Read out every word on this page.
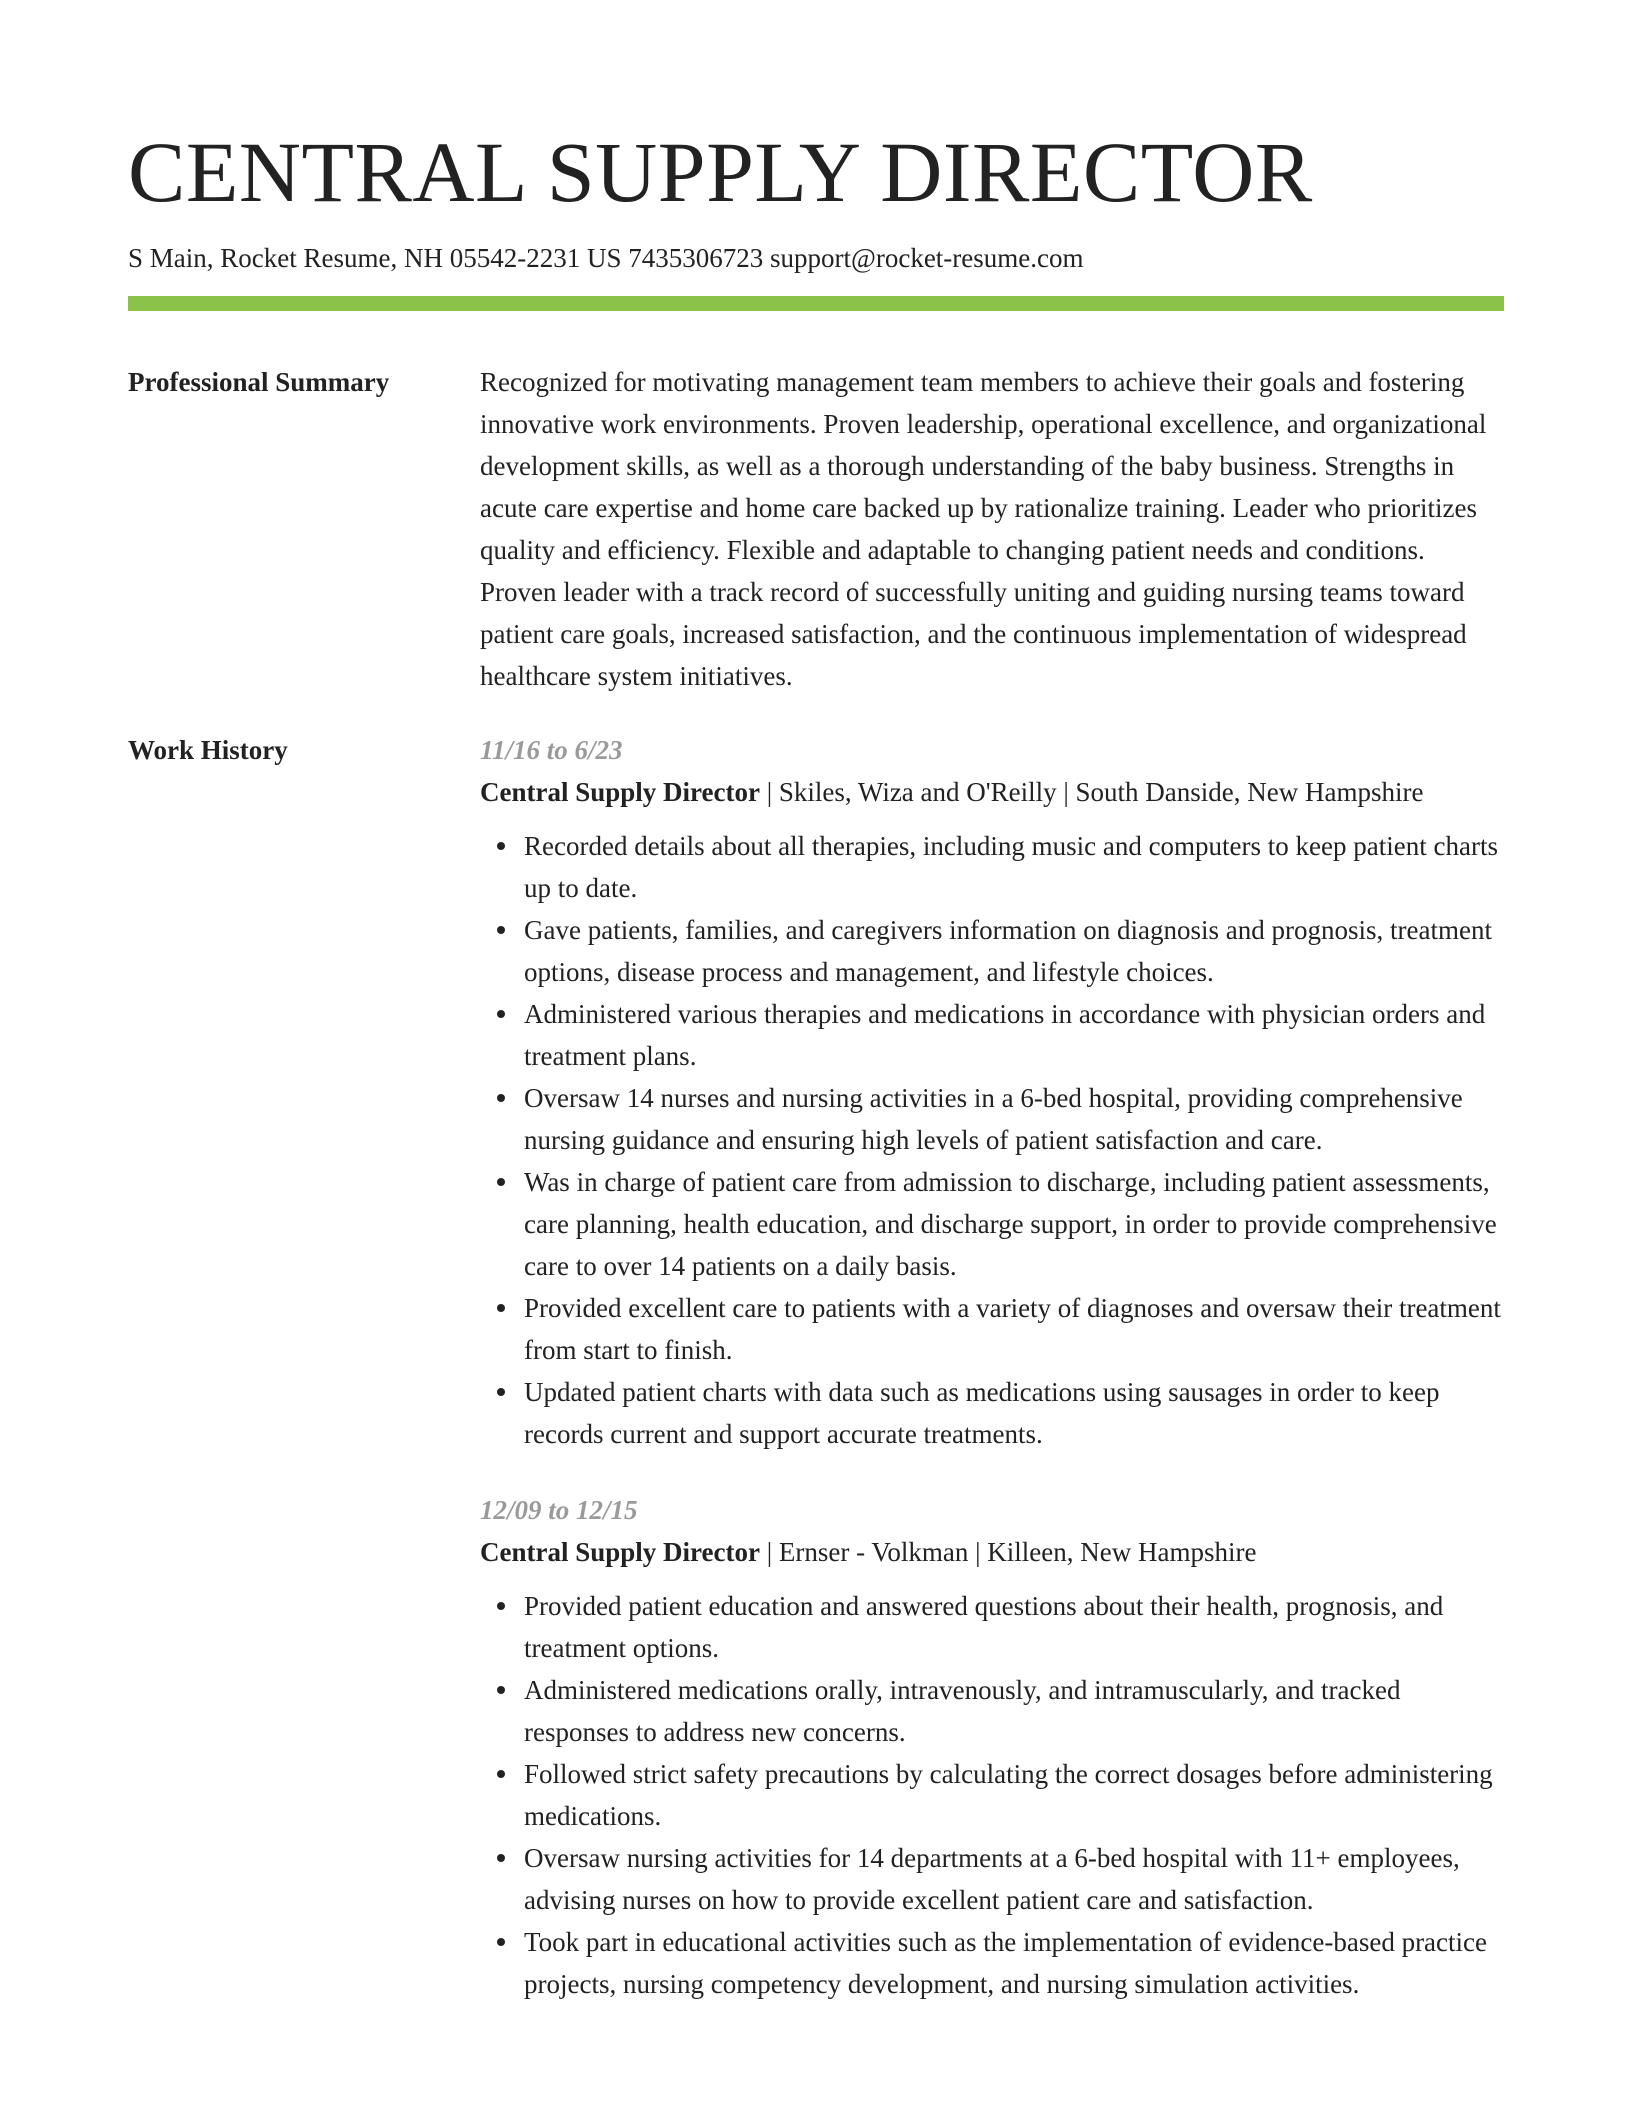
CENTRAL SUPPLY DIRECTOR
S Main, Rocket Resume, NH 05542-2231 US 7435306723 support@rocket-resume.com
Professional Summary	Recognized for motivating management team members to achieve their goals and fostering innovative work environments. Proven leadership, operational excellence, and organizational development skills, as well as a thorough understanding of the baby business. Strengths in acute care expertise and home care backed up by rationalize training. Leader who prioritizes quality and efficiency. Flexible and adaptable to changing patient needs and conditions. Proven leader with a track record of successfully uniting and guiding nursing teams toward patient care goals, increased satisfaction, and the continuous implementation of widespread healthcare system initiatives.

Work History	11/16 to 6/23
Central Supply Director | Skiles, Wiza and O'Reilly | South Danside, New Hampshire
Recorded details about all therapies, including music and computers to keep patient charts up to date.
Gave patients, families, and caregivers information on diagnosis and prognosis, treatment options, disease process and management, and lifestyle choices.
Administered various therapies and medications in accordance with physician orders and treatment plans.
Oversaw 14 nurses and nursing activities in a 6-bed hospital, providing comprehensive nursing guidance and ensuring high levels of patient satisfaction and care.
Was in charge of patient care from admission to discharge, including patient assessments, care planning, health education, and discharge support, in order to provide comprehensive care to over 14 patients on a daily basis.
Provided excellent care to patients with a variety of diagnoses and oversaw their treatment from start to finish.
Updated patient charts with data such as medications using sausages in order to keep records current and support accurate treatments.
12/09 to 12/15
Central Supply Director | Ernser - Volkman | Killeen, New Hampshire
Provided patient education and answered questions about their health, prognosis, and treatment options.
Administered medications orally, intravenously, and intramuscularly, and tracked responses to address new concerns.
Followed strict safety precautions by calculating the correct dosages before administering medications.
Oversaw nursing activities for 14 departments at a 6-bed hospital with 11+ employees, advising nurses on how to provide excellent patient care and satisfaction.
Took part in educational activities such as the implementation of evidence-based practice projects, nursing competency development, and nursing simulation activities.
